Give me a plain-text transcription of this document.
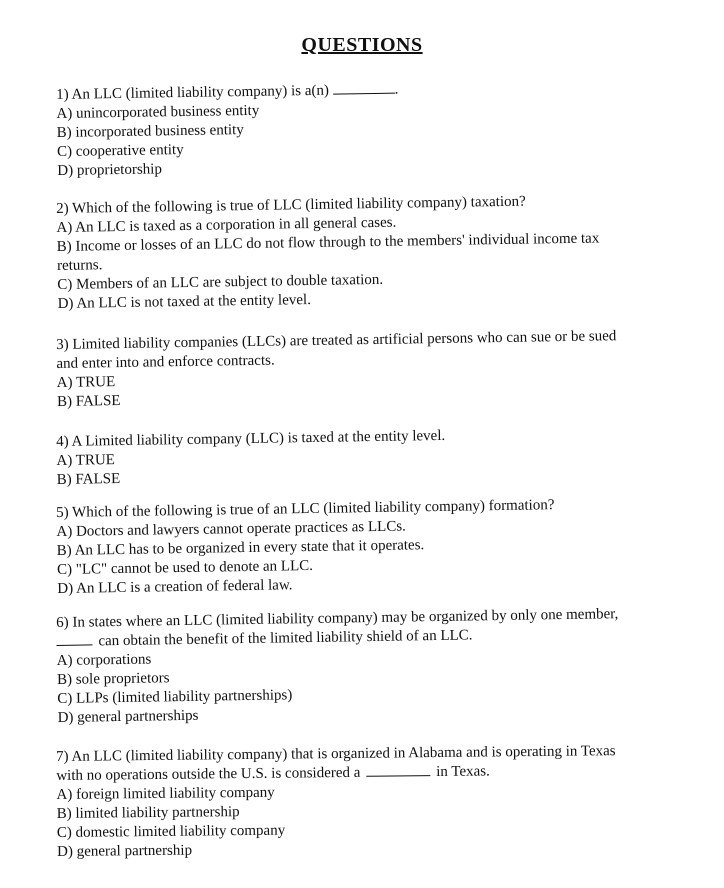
QUESTIONS
1) An LLC (limited liability company) is a(n)	.
A) unincorporated business entity
B) incorporated business entity
C) cooperative entity
D) proprietorship
2) Which of the following is true of LLC (limited liability company) taxation?
A) An LLC is taxed as a corporation in all general cases.
B) Income or losses of an LLC do not flow through to the members' individual income tax
returns.
C) Members of an LLC are subject to double taxation.
D) An LLC is not taxed at the entity level.
3) Limited liability companies (LLCs) are treated as artificial persons who can sue or be sued
and enter into and enforce contracts.
A) TRUE
B) FALSE
4) A Limited liability company (LLC) is taxed at the entity level.
A) TRUE
B) FALSE
5) Which of the following is true of an LLC (limited liability company) formation?
A) Doctors and lawyers cannot operate practices as LLCs.
B) An LLC has to be organized in every state that it operates.
C) "LC" cannot be used to denote an LLC.
D) An LLC is a creation of federal law.
6) In states where an LLC (limited liability company) may be organized by only one member,
can obtain the benefit of the limited liability shield of an LLC.
A) corporations
B) sole proprietors
C) LLPs (limited liability partnerships)
D) general partnerships
7) An LLC (limited liability company) that is organized in Alabama and is operating in Texas
with no operations outside the U.S. is considered a	in Texas.
A) foreign limited liability company
B) limited liability partnership
C) domestic limited liability company
D) general partnership
